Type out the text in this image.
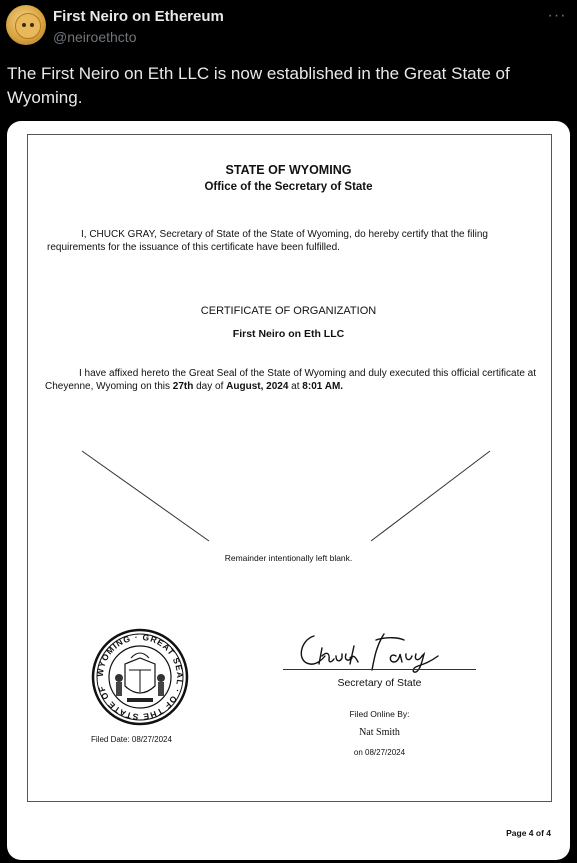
First Neiro on Ethereum
@neiroethcto
···

The First Neiro on Eth LLC is now established in the Great State of Wyoming.

STATE OF WYOMING
Office of the Secretary of State
I, CHUCK GRAY, Secretary of State of the State of Wyoming, do hereby certify that the filing requirements for the issuance of this certificate have been fulfilled.
CERTIFICATE OF ORGANIZATION
First Neiro on Eth LLC
I have affixed hereto the Great Seal of the State of Wyoming and duly executed this official certificate at Cheyenne, Wyoming on this 27th day of August, 2024 at 8:01 AM.
Remainder intentionally left blank.
WYOMING · GREAT SEAL · OF THE STATE OF
Filed Date: 08/27/2024
Chuck Gray
Secretary of State
Filed Online By:
Nat Smith
on 08/27/2024
Page 4 of 4
